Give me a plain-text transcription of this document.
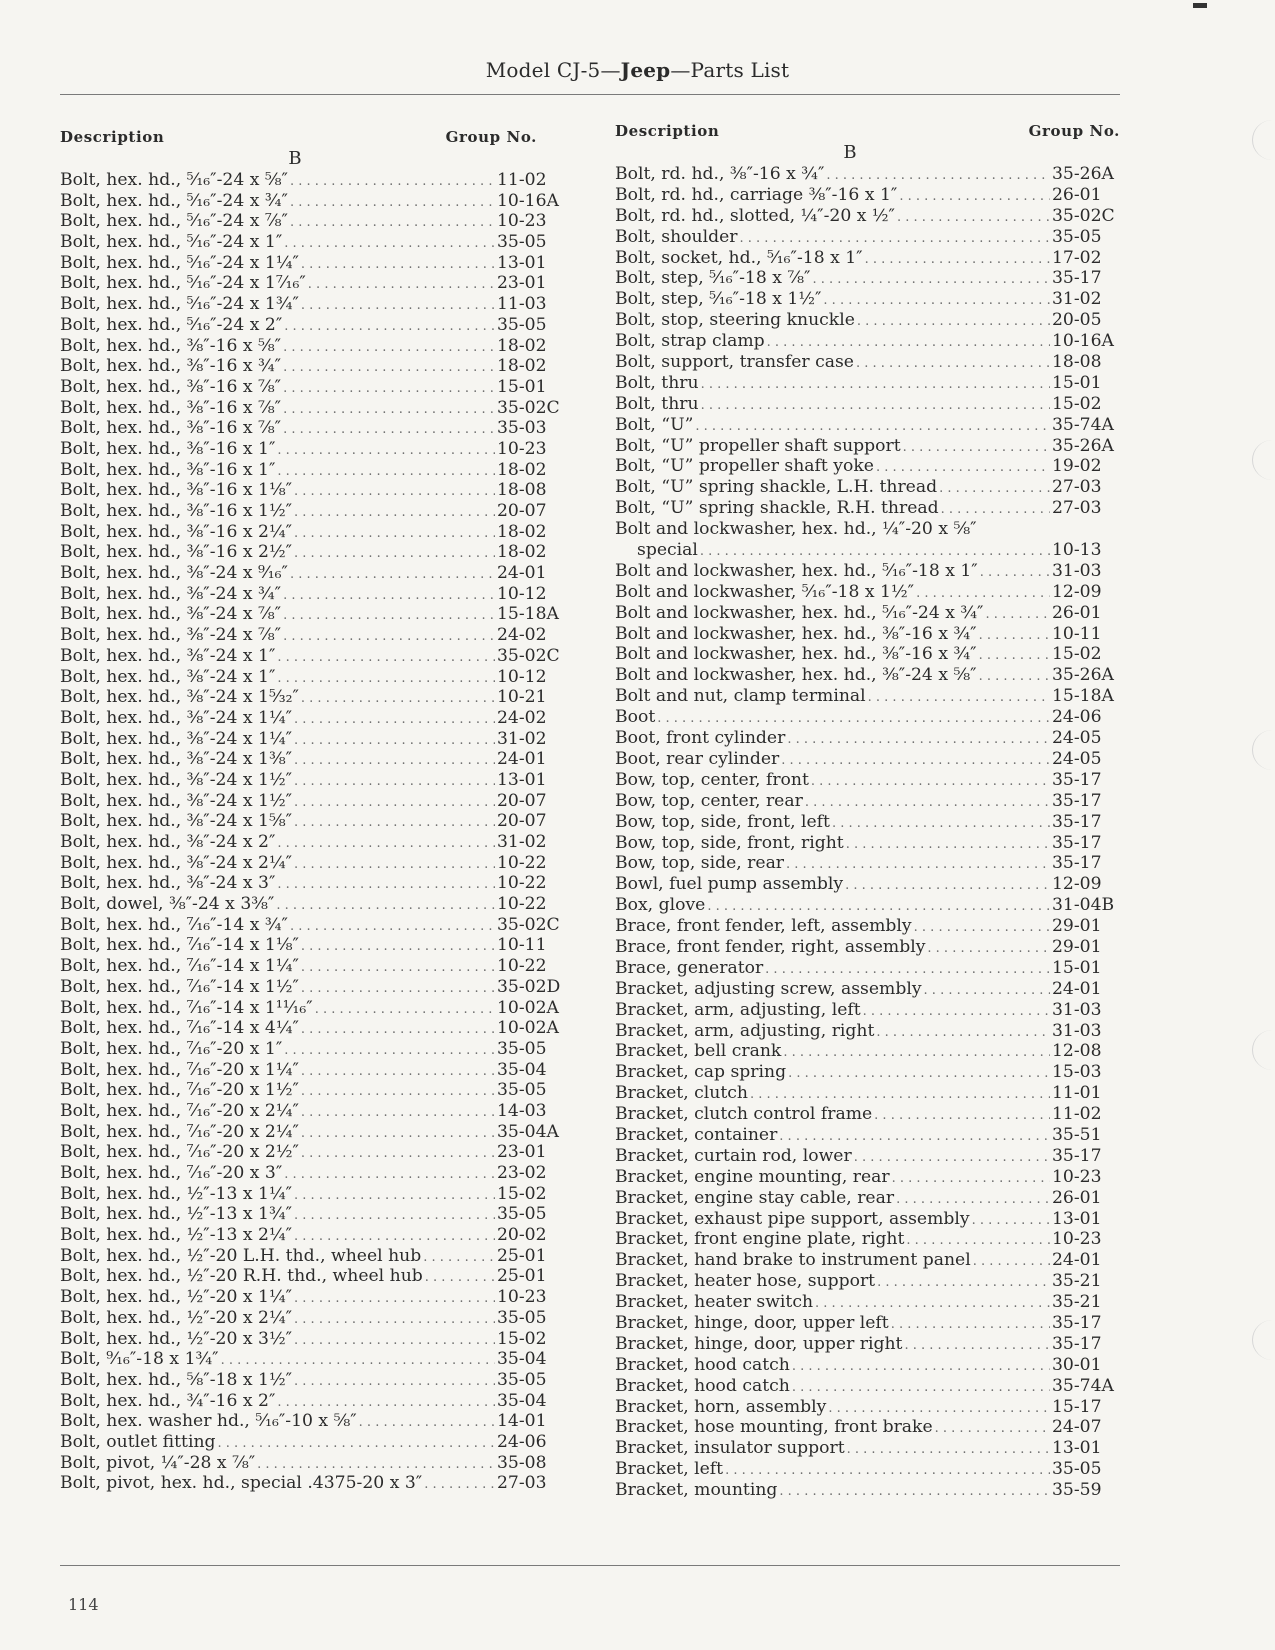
Model CJ-5—Jeep—Parts List
Description	Group No.
B
Bolt, hex. hd., ⁵⁄₁₆″-24 x ⁵⁄₈″ . . .	11-02
Bolt, hex. hd., ⁵⁄₁₆″-24 x ³⁄₄″ . . .	10-16A
Bolt, hex. hd., ⁵⁄₁₆″-24 x ⁷⁄₈″ . . .	10-23
Bolt, hex. hd., ⁵⁄₁₆″-24 x 1″ . . .	35-05
Bolt, hex. hd., ⁵⁄₁₆″-24 x 1¼″ . . .	13-01
Bolt, hex. hd., ⁵⁄₁₆″-24 x 1⁷⁄₁₆″ . . .	23-01
Bolt, hex. hd., ⁵⁄₁₆″-24 x 1¾″ . . .	11-03
Bolt, hex. hd., ⁵⁄₁₆″-24 x 2″ . . .	35-05
Bolt, hex. hd., ⅜″-16 x ⅝″ . . .	18-02
Bolt, hex. hd., ⅜″-16 x ¾″ . . .	18-02
Bolt, hex. hd., ⅜″-16 x ⅞″ . . .	15-01
Bolt, hex. hd., ⅜″-16 x ⅞″ . . .	35-02C
Bolt, hex. hd., ⅜″-16 x ⅞″ . . .	35-03
Bolt, hex. hd., ⅜″-16 x 1″ . . .	10-23
Bolt, hex. hd., ⅜″-16 x 1″ . . .	18-02
Bolt, hex. hd., ⅜″-16 x 1⅛″ . . .	18-08
Bolt, hex. hd., ⅜″-16 x 1½″ . . .	20-07
Bolt, hex. hd., ⅜″-16 x 2¼″ . . .	18-02
Bolt, hex. hd., ⅜″-16 x 2½″ . . .	18-02
Bolt, hex. hd., ⅜″-24 x ⁹⁄₁₆″ . . .	24-01
Bolt, hex. hd., ⅜″-24 x ¾″ . . .	10-12
Bolt, hex. hd., ⅜″-24 x ⅞″ . . .	15-18A
Bolt, hex. hd., ⅜″-24 x ⅞″ . . .	24-02
Bolt, hex. hd., ⅜″-24 x 1″ . . .	35-02C
Bolt, hex. hd., ⅜″-24 x 1″ . . .	10-12
Bolt, hex. hd., ⅜″-24 x 1⁵⁄₃₂″ . . .	10-21
Bolt, hex. hd., ⅜″-24 x 1¼″ . . .	24-02
Bolt, hex. hd., ⅜″-24 x 1¼″ . . .	31-02
Bolt, hex. hd., ⅜″-24 x 1⅜″ . . .	24-01
Bolt, hex. hd., ⅜″-24 x 1½″ . . .	13-01
Bolt, hex. hd., ⅜″-24 x 1½″ . . .	20-07
Bolt, hex. hd., ⅜″-24 x 1⅝″ . . .	20-07
Bolt, hex. hd., ⅜″-24 x 2″ . . .	31-02
Bolt, hex. hd., ⅜″-24 x 2¼″ . . .	10-22
Bolt, hex. hd., ⅜″-24 x 3″ . . .	10-22
Bolt, dowel, ⅜″-24 x 3⅜″ . . .	10-22
Bolt, hex. hd., ⁷⁄₁₆″-14 x ¾″ . . .	35-02C
Bolt, hex. hd., ⁷⁄₁₆″-14 x 1⅛″ . . .	10-11
Bolt, hex. hd., ⁷⁄₁₆″-14 x 1¼″ . . .	10-22
Bolt, hex. hd., ⁷⁄₁₆″-14 x 1½″ . . .	35-02D
Bolt, hex. hd., ⁷⁄₁₆″-14 x 1¹¹⁄₁₆″ . . .	10-02A
Bolt, hex. hd., ⁷⁄₁₆″-14 x 4¼″ . . .	10-02A
Bolt, hex. hd., ⁷⁄₁₆″-20 x 1″ . . .	35-05
Bolt, hex. hd., ⁷⁄₁₆″-20 x 1¼″ . . .	35-04
Bolt, hex. hd., ⁷⁄₁₆″-20 x 1½″ . . .	35-05
Bolt, hex. hd., ⁷⁄₁₆″-20 x 2¼″ . . .	14-03
Bolt, hex. hd., ⁷⁄₁₆″-20 x 2¼″ . . .	35-04A
Bolt, hex. hd., ⁷⁄₁₆″-20 x 2½″ . . .	23-01
Bolt, hex. hd., ⁷⁄₁₆″-20 x 3″ . . .	23-02
Bolt, hex. hd., ½″-13 x 1¼″ . . .	15-02
Bolt, hex. hd., ½″-13 x 1¾″ . . .	35-05
Bolt, hex. hd., ½″-13 x 2¼″ . . .	20-02
Bolt, hex. hd., ½″-20 L.H. thd., wheel hub . . .	25-01
Bolt, hex. hd., ½″-20 R.H. thd., wheel hub . . .	25-01
Bolt, hex. hd., ½″-20 x 1¼″ . . .	10-23
Bolt, hex. hd., ½″-20 x 2¼″ . . .	35-05
Bolt, hex. hd., ½″-20 x 3½″ . . .	15-02
Bolt, ⁹⁄₁₆″-18 x 1¾″ . . .	35-04
Bolt, hex. hd., ⅝″-18 x 1½″ . . .	35-05
Bolt, hex. hd., ¾″-16 x 2″ . . .	35-04
Bolt, hex. washer hd., ⁵⁄₁₆″-10 x ⅝″ . . .	14-01
Bolt, outlet fitting . . .	24-06
Bolt, pivot, ¼″-28 x ⅞″ . . .	35-08
Bolt, pivot, hex. hd., special .4375-20 x 3″ . . .	27-03
Description	Group No.
B
Bolt, rd. hd., ⅜″-16 x ¾″ . . .	35-26A
Bolt, rd. hd., carriage ⅜″-16 x 1″ . . .	26-01
Bolt, rd. hd., slotted, ¼″-20 x ½″ . . .	35-02C
Bolt, shoulder . . .	35-05
Bolt, socket, hd., ⁵⁄₁₆″-18 x 1″ . . .	17-02
Bolt, step, ⁵⁄₁₆″-18 x ⅞″ . . .	35-17
Bolt, step, ⁵⁄₁₆″-18 x 1½″ . . .	31-02
Bolt, stop, steering knuckle . . .	20-05
Bolt, strap clamp . . .	10-16A
Bolt, support, transfer case . . .	18-08
Bolt, thru . . .	15-01
Bolt, thru . . .	15-02
Bolt, “U” . . .	35-74A
Bolt, “U” propeller shaft support . . .	35-26A
Bolt, “U” propeller shaft yoke . . .	19-02
Bolt, “U” spring shackle, L.H. thread . . .	27-03
Bolt, “U” spring shackle, R.H. thread . . .	27-03
Bolt and lockwasher, hex. hd., ¼″-20 x ⅝″
special . . .	10-13
Bolt and lockwasher, hex. hd., ⁵⁄₁₆″-18 x 1″ . . .	31-03
Bolt and lockwasher, ⁵⁄₁₆″-18 x 1½″ . . .	12-09
Bolt and lockwasher, hex. hd., ⁵⁄₁₆″-24 x ¾″ . . .	26-01
Bolt and lockwasher, hex. hd., ⅜″-16 x ¾″ . . .	10-11
Bolt and lockwasher, hex. hd., ⅜″-16 x ¾″ . . .	15-02
Bolt and lockwasher, hex. hd., ⅜″-24 x ⅝″ . . .	35-26A
Bolt and nut, clamp terminal . . .	15-18A
Boot . . .	24-06
Boot, front cylinder . . .	24-05
Boot, rear cylinder . . .	24-05
Bow, top, center, front . . .	35-17
Bow, top, center, rear . . .	35-17
Bow, top, side, front, left . . .	35-17
Bow, top, side, front, right . . .	35-17
Bow, top, side, rear . . .	35-17
Bowl, fuel pump assembly . . .	12-09
Box, glove . . .	31-04B
Brace, front fender, left, assembly . . .	29-01
Brace, front fender, right, assembly . . .	29-01
Brace, generator . . .	15-01
Bracket, adjusting screw, assembly . . .	24-01
Bracket, arm, adjusting, left . . .	31-03
Bracket, arm, adjusting, right . . .	31-03
Bracket, bell crank . . .	12-08
Bracket, cap spring . . .	15-03
Bracket, clutch . . .	11-01
Bracket, clutch control frame . . .	11-02
Bracket, container . . .	35-51
Bracket, curtain rod, lower . . .	35-17
Bracket, engine mounting, rear . . .	10-23
Bracket, engine stay cable, rear . . .	26-01
Bracket, exhaust pipe support, assembly . . .	13-01
Bracket, front engine plate, right . . .	10-23
Bracket, hand brake to instrument panel . . .	24-01
Bracket, heater hose, support . . .	35-21
Bracket, heater switch . . .	35-21
Bracket, hinge, door, upper left . . .	35-17
Bracket, hinge, door, upper right . . .	35-17
Bracket, hood catch . . .	30-01
Bracket, hood catch . . .	35-74A
Bracket, horn, assembly . . .	15-17
Bracket, hose mounting, front brake . . .	24-07
Bracket, insulator support . . .	13-01
Bracket, left . . .	35-05
Bracket, mounting . . .	35-59
114
